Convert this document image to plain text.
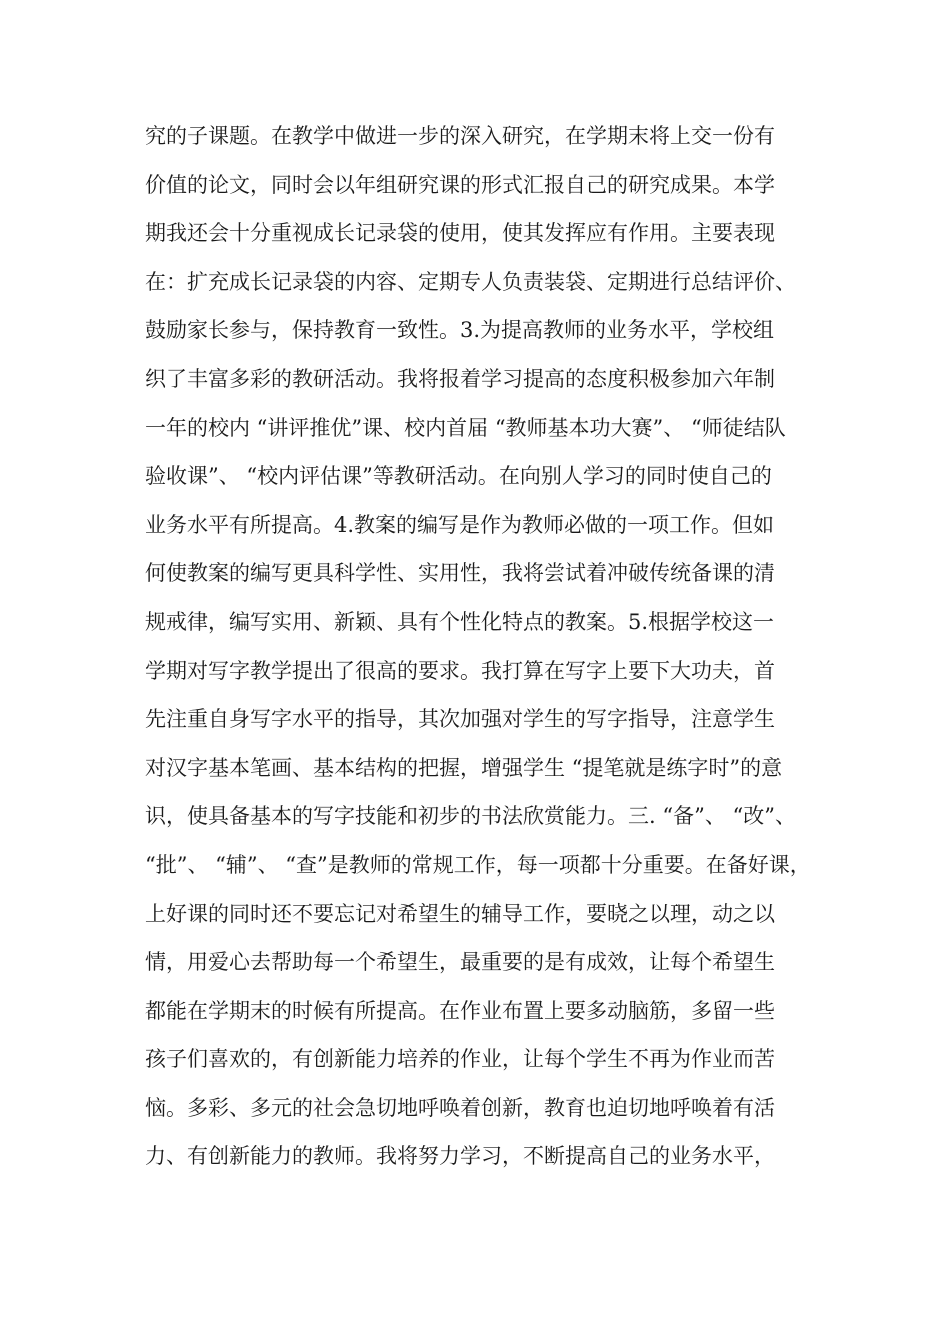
究的子课题。在教学中做进一步的深入研究，在学期末将上交一份有
价值的论文，同时会以年组研究课的形式汇报自己的研究成果。本学
期我还会十分重视成长记录袋的使用，使其发挥应有作用。主要表现
在：扩充成长记录袋的内容、定期专人负责装袋、定期进行总结评价、
鼓励家长参与，保持教育一致性。3.为提高教师的业务水平，学校组
织了丰富多彩的教研活动。我将报着学习提高的态度积极参加六年制
一年的校内 “讲评推优”课、校内首届 “教师基本功大赛”、 “师徒结队
验收课”、 “校内评估课”等教研活动。在向别人学习的同时使自己的
业务水平有所提高。4.教案的编写是作为教师必做的一项工作。但如
何使教案的编写更具科学性、实用性，我将尝试着冲破传统备课的清
规戒律，编写实用、新颖、具有个性化特点的教案。5.根据学校这一
学期对写字教学提出了很高的要求。我打算在写字上要下大功夫，首
先注重自身写字水平的指导，其次加强对学生的写字指导，注意学生
对汉字基本笔画、基本结构的把握，增强学生 “提笔就是练字时”的意
识，使具备基本的写字技能和初步的书法欣赏能力。三. “备”、 “改”、
“批”、 “辅”、 “查”是教师的常规工作，每一项都十分重要。在备好课，
上好课的同时还不要忘记对希望生的辅导工作，要晓之以理，动之以
情，用爱心去帮助每一个希望生，最重要的是有成效，让每个希望生
都能在学期末的时候有所提高。在作业布置上要多动脑筋，多留一些
孩子们喜欢的，有创新能力培养的作业，让每个学生不再为作业而苦
恼。多彩、多元的社会急切地呼唤着创新，教育也迫切地呼唤着有活
力、有创新能力的教师。我将努力学习，不断提高自己的业务水平，
